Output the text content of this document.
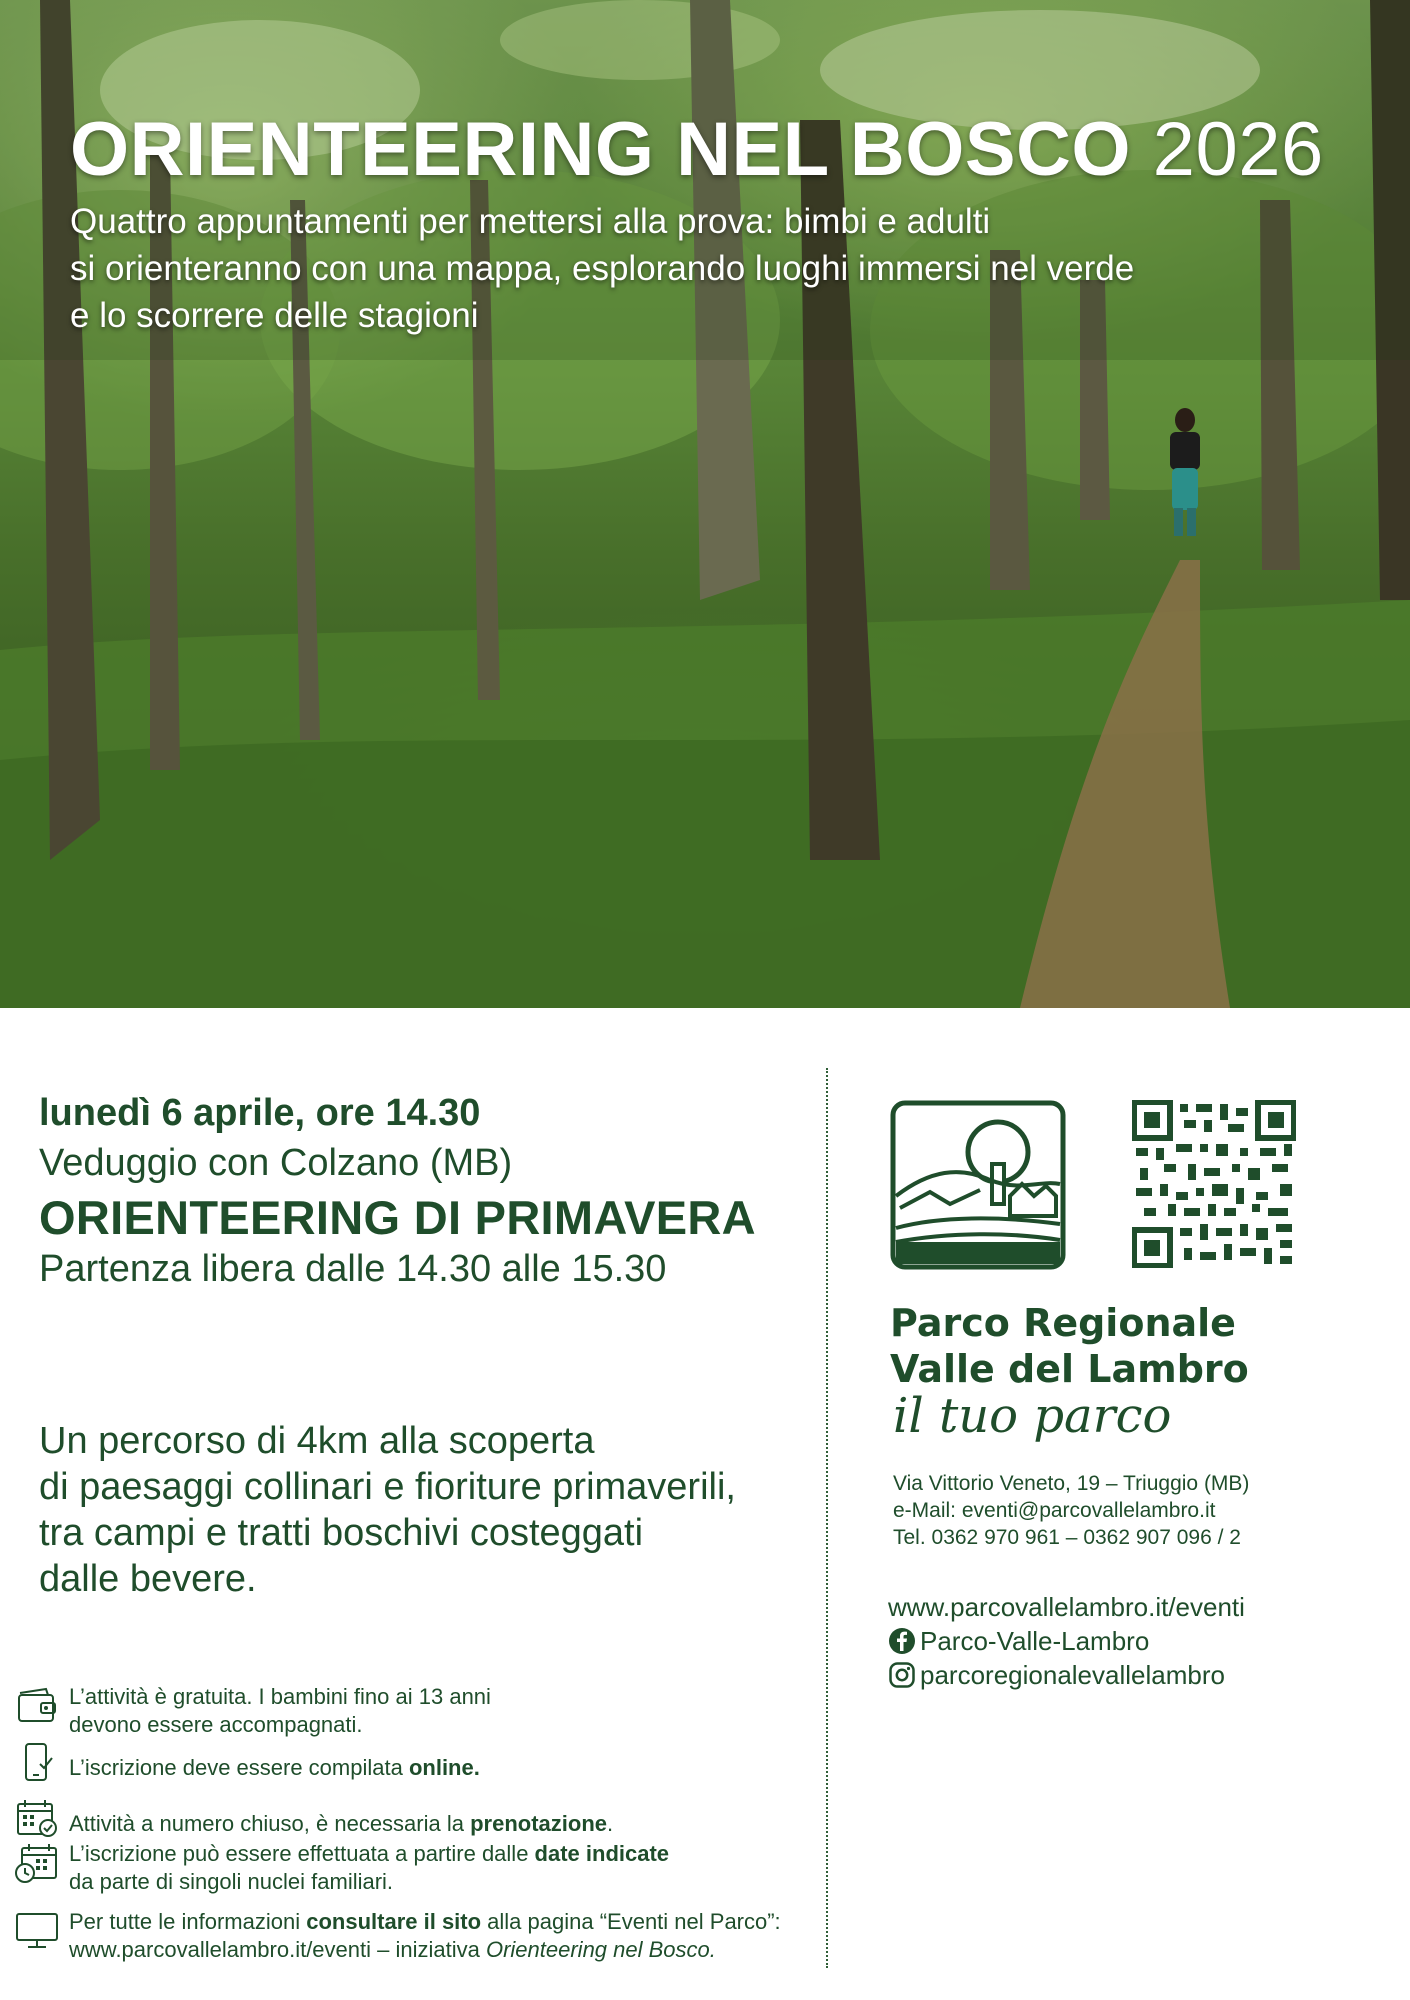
ORIENTEERING NEL BOSCO 2026
Quattro appuntamenti per mettersi alla prova: bimbi e adulti
si orienteranno con una mappa, esplorando luoghi immersi nel verde
e lo scorrere delle stagioni
lunedì 6 aprile, ore 14.30
Veduggio con Colzano (MB)
ORIENTEERING DI PRIMAVERA
Partenza libera dalle 14.30 alle 15.30
Un percorso di 4km alla scoperta
di paesaggi collinari e fioriture primaverili,
tra campi e tratti boschivi costeggati
dalle bevere.
L’attività è gratuita. I bambini fino ai 13 anni
devono essere accompagnati.
L’iscrizione deve essere compilata online.
Attività a numero chiuso, è necessaria la prenotazione.
L’iscrizione può essere effettuata a partire dalle date indicate
da parte di singoli nuclei familiari.
Per tutte le informazioni consultare il sito alla pagina “Eventi nel Parco”:
www.parcovallelambro.it/eventi – iniziativa Orienteering nel Bosco.
Parco Regionale
Valle del Lambro
il tuo parco
Via Vittorio Veneto, 19 – Triuggio (MB)
e-Mail: eventi@parcovallelambro.it
Tel. 0362 970 961 – 0362 907 096 / 2
www.parcovallelambro.it/eventi
Parco-Valle-Lambro
parcoregionalevallelambro
